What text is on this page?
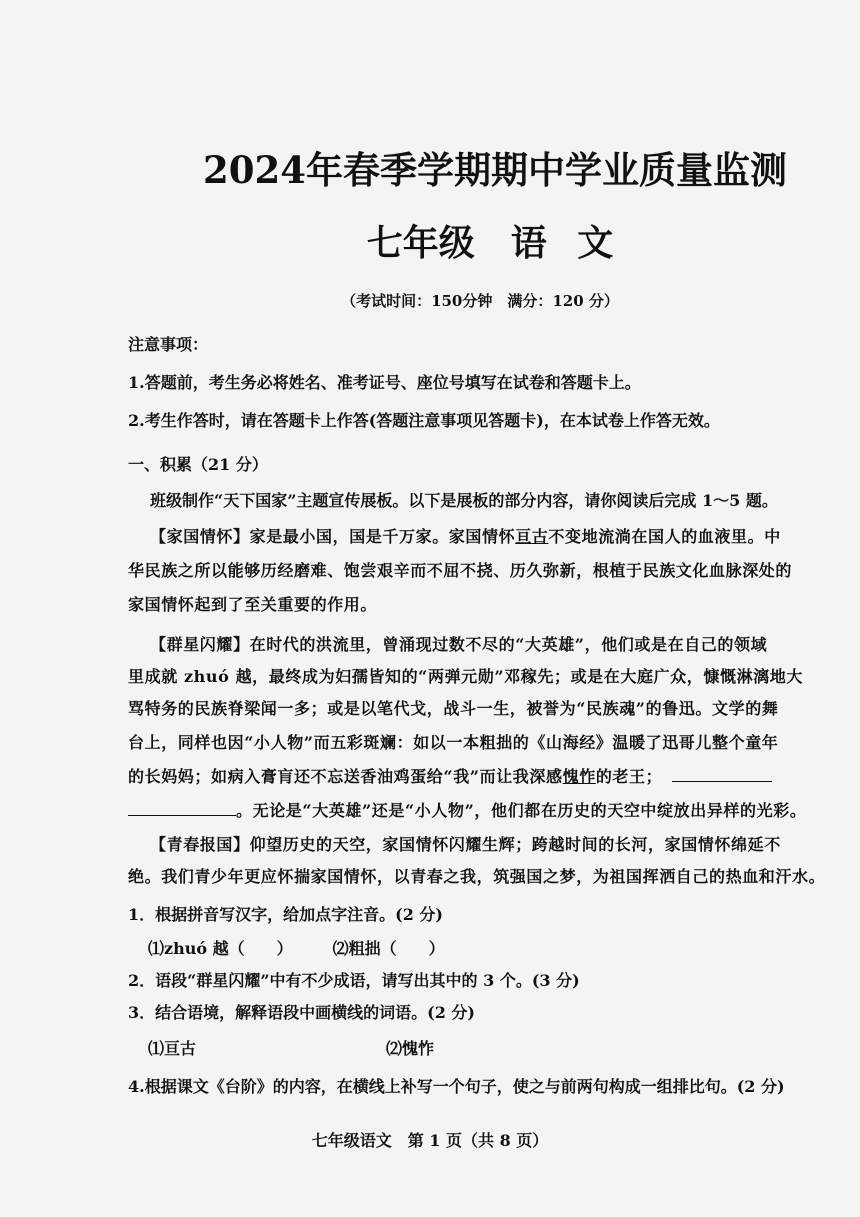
2024年春季学期期中学业质量监测
七年级 语 文
（考试时间：150分钟　满分：120 分）
注意事项：
1.答题前，考生务必将姓名、准考证号、座位号填写在试卷和答题卡上。
2.考生作答时，请在答题卡上作答(答题注意事项见答题卡)，在本试卷上作答无效。
一、积累（21 分）
班级制作“天下国家”主题宣传展板。以下是展板的部分内容，请你阅读后完成 1～5 题。
【家国情怀】家是最小国，国是千万家。家国情怀亘古不变地流淌在国人的血液里。中
华民族之所以能够历经磨难、饱尝艰辛而不屈不挠、历久弥新，根植于民族文化血脉深处的
家国情怀起到了至关重要的作用。
【群星闪耀】在时代的洪流里，曾涌现过数不尽的“大英雄”，他们或是在自己的领域
里成就 zhuó 越，最终成为妇孺皆知的“两弹元勋”邓稼先；或是在大庭广众，慷慨淋漓地大
骂特务的民族脊梁闻一多；或是以笔代戈，战斗一生，被誉为“民族魂”的鲁迅。文学的舞
台上，同样也因“小人物”而五彩斑斓：如以一本粗拙的《山海经》温暖了迅哥儿整个童年
的长妈妈；如病入膏肓还不忘送香油鸡蛋给“我”而让我深感愧怍的老王；
。无论是“大英雄”还是“小人物”，他们都在历史的天空中绽放出异样的光彩。
【青春报国】仰望历史的天空，家国情怀闪耀生辉；跨越时间的长河，家国情怀绵延不
绝。我们青少年更应怀揣家国情怀，以青春之我，筑强国之梦，为祖国挥洒自己的热血和汗水。
1．根据拼音写汉字，给加点字注音。(2 分)
⑴zhuó 越（　　）	⑵粗拙（　　）
2．语段“群星闪耀”中有不少成语，请写出其中的 3 个。(3 分)
3．结合语境，解释语段中画横线的词语。(2 分)
⑴亘古	⑵愧怍
4.根据课文《台阶》的内容，在横线上补写一个句子，使之与前两句构成一组排比句。(2 分)
七年级语文　第 1 页（共 8 页）
